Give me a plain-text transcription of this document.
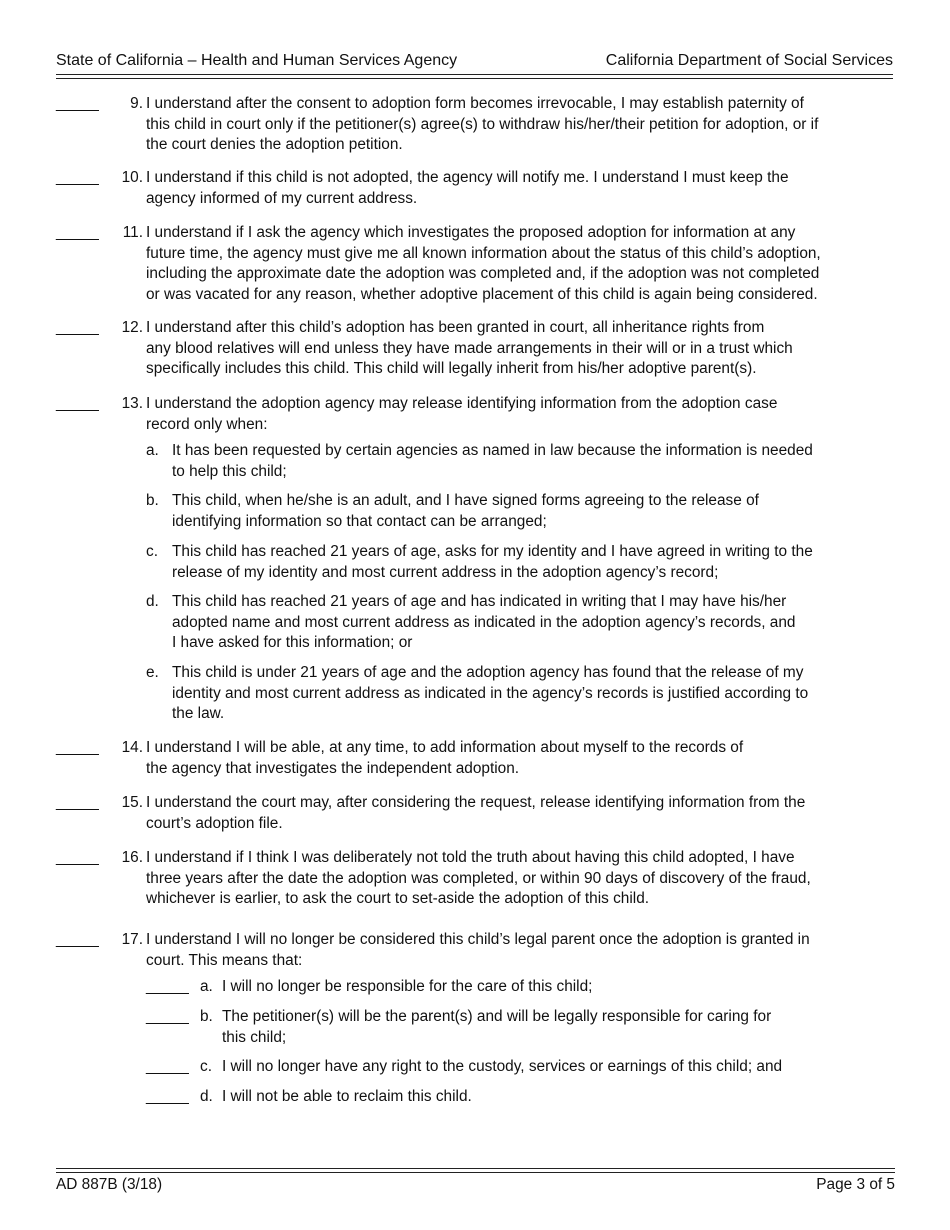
State of California – Health and Human Services Agency	California Department of Social Services
_____	9. I understand after the consent to adoption form becomes irrevocable, I may establish paternity of
this child in court only if the petitioner(s) agree(s) to withdraw his/her/their petition for adoption, or if
the court denies the adoption petition.
_____	10. I understand if this child is not adopted, the agency will notify me. I understand I must keep the
agency informed of my current address.
_____	11. I understand if I ask the agency which investigates the proposed adoption for information at any
future time, the agency must give me all known information about the status of this child’s adoption,
including the approximate date the adoption was completed and, if the adoption was not completed
or was vacated for any reason, whether adoptive placement of this child is again being considered.
_____	12. I understand after this child’s adoption has been granted in court, all inheritance rights from
any blood relatives will end unless they have made arrangements in their will or in a trust which
specifically includes this child. This child will legally inherit from his/her adoptive parent(s).
_____	13. I understand the adoption agency may release identifying information from the adoption case
record only when:
a. It has been requested by certain agencies as named in law because the information is needed
to help this child;
b. This child, when he/she is an adult, and I have signed forms agreeing to the release of
identifying information so that contact can be arranged;
c. This child has reached 21 years of age, asks for my identity and I have agreed in writing to the
release of my identity and most current address in the adoption agency’s record;
d. This child has reached 21 years of age and has indicated in writing that I may have his/her
adopted name and most current address as indicated in the adoption agency’s records, and
I have asked for this information; or
e. This child is under 21 years of age and the adoption agency has found that the release of my
identity and most current address as indicated in the agency’s records is justified according to
the law.
_____	14. I understand I will be able, at any time, to add information about myself to the records of
the agency that investigates the independent adoption.
_____	15. I understand the court may, after considering the request, release identifying information from the
court’s adoption file.
_____	16. I understand if I think I was deliberately not told the truth about having this child adopted, I have
three years after the date the adoption was completed, or within 90 days of discovery of the fraud,
whichever is earlier, to ask the court to set-aside the adoption of this child.
_____	17. I understand I will no longer be considered this child’s legal parent once the adoption is granted in
court. This means that:
_____ a. I will no longer be responsible for the care of this child;
_____ b. The petitioner(s) will be the parent(s) and will be legally responsible for caring for
this child;
_____ c. I will no longer have any right to the custody, services or earnings of this child; and
_____ d. I will not be able to reclaim this child.
AD 887B (3/18)	Page 3 of 5
